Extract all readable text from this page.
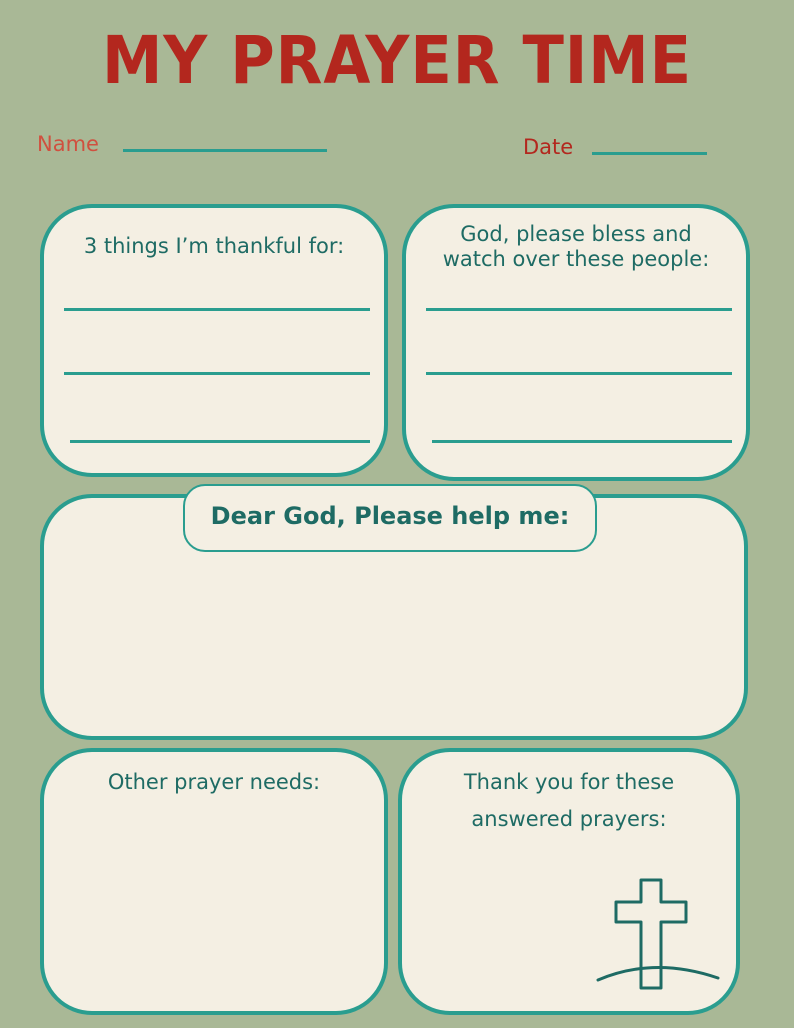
MY PRAYER TIME
Name	Date
3 things I’m thankful for:	God, please bless and
watch over these people:
Dear God, Please help me:
Other prayer needs:	Thank you for these
answered prayers:
